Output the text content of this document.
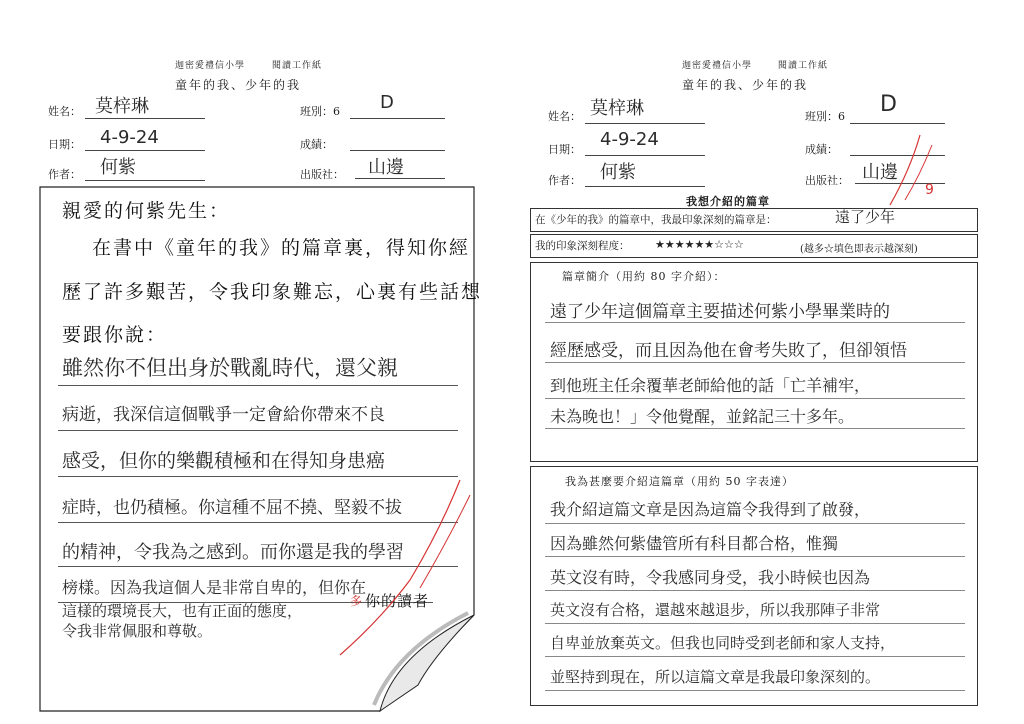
迦密愛禮信小學	閱讀工作紙
童年的我、少年的我
姓名： 莫梓琳	班別：6 D
日期： 4-9-24	成績：
作者： 何紫	出版社： 山邊
親愛的何紫先生：
在書中《童年的我》的篇章裏，得知你經
歷了許多艱苦，令我印象難忘，心裏有些話想
要跟你說：
雖然你不但出身於戰亂時代，還父親
病逝，我深信這個戰爭一定會給你帶來不良
感受，但你的樂觀積極和在得知身患癌
症時，也仍積極。你這種不屈不撓、堅毅不拔
的精神，令我為之感到。而你還是我的學習
榜樣。因為我這個人是非常自卑的，但你在
這樣的環境長大，也有正面的態度，
令我非常佩服和尊敬。
你的讀者
多
迦密愛禮信小學	閱讀工作紙
童年的我、少年的我
姓名： 莫梓琳	班別：6 D
日期： 4-9-24	成績：
作者： 何紫	出版社： 山邊
9
我想介紹的篇章
在《少年的我》的篇章中，我最印象深刻的篇章是：	遠了少年
我的印象深刻程度： ★★★★★★☆☆☆	(越多☆填色即表示越深刻)
篇章簡介（用約 80 字介紹）：
遠了少年這個篇章主要描述何紫小學畢業時的
經歷感受，而且因為他在會考失敗了，但卻領悟
到他班主任余覆華老師給他的話「亡羊補牢，
未為晚也！」令他覺醒，並銘記三十多年。
我為甚麼要介紹這篇章（用約 50 字表達）
我介紹這篇文章是因為這篇令我得到了啟發，
因為雖然何紫儘管所有科目都合格，惟獨
英文沒有時，令我感同身受，我小時候也因為
英文沒有合格，還越來越退步，所以我那陣子非常
自卑並放棄英文。但我也同時受到老師和家人支持，
並堅持到現在，所以這篇文章是我最印象深刻的。
